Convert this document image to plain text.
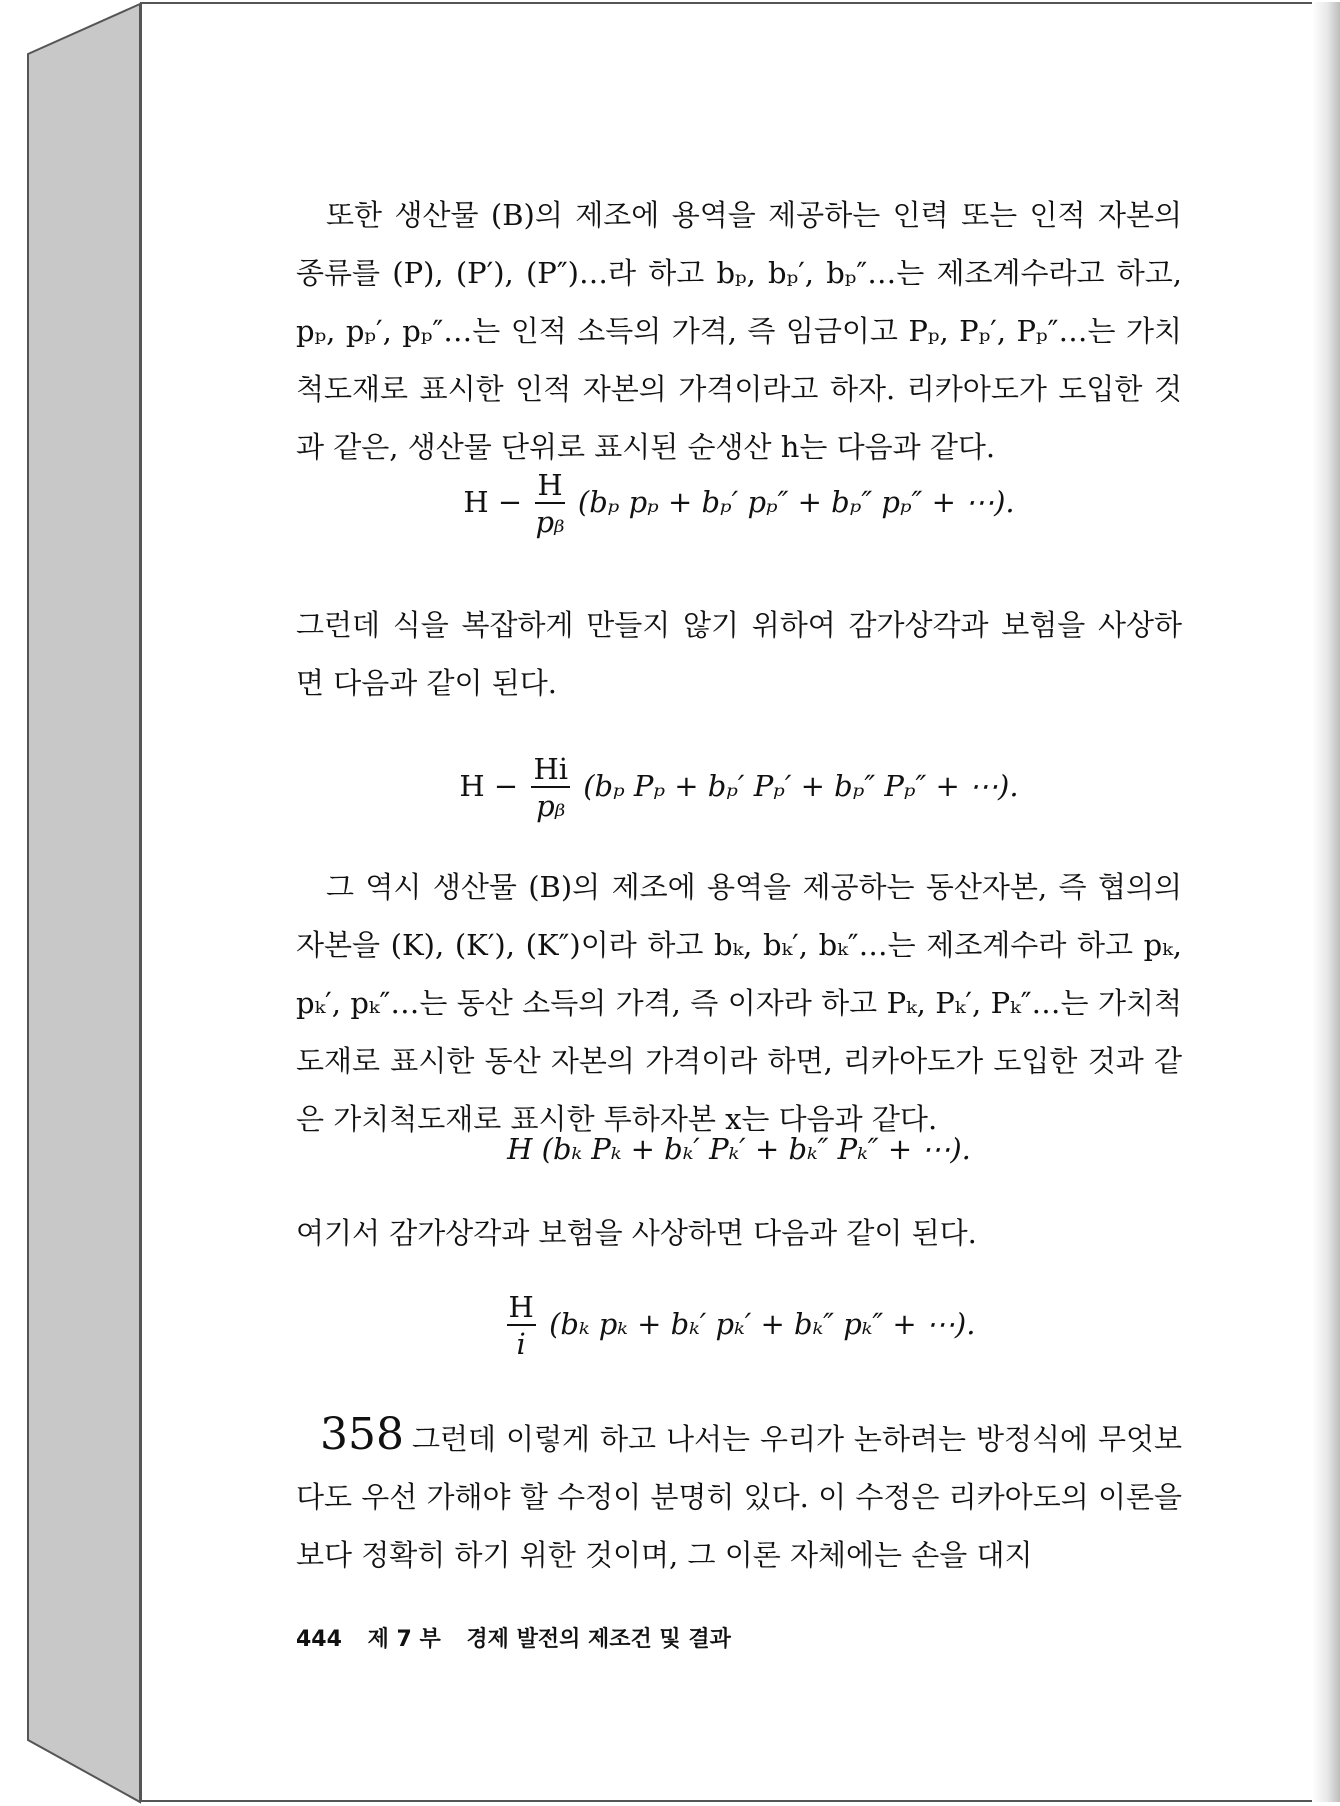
또한 생산물 (B)의 제조에 용역을 제공하는 인력 또는 인적 자본의 종류를 (P), (P′), (P″)…라 하고 bₚ, bₚ′, bₚ″…는 제조계수라고 하고, pₚ, pₚ′, pₚ″…는 인적 소득의 가격, 즉 임금이고 Pₚ, Pₚ′, Pₚ″…는 가치척도재로 표시한 인적 자본의 가격이라고 하자. 리카아도가 도입한 것과 같은, 생산물 단위로 표시된 순생산 h는 다음과 같다.

$H - \frac{H}{\text{pᵦ}} (b_p$ pₚ + bₚ′ pₚ″ + bₚ″ pₚ″ + ⋯).

그런데 식을 복잡하게 만들지 않기 위하여 감가상각과 보험을 사상하면 다음과 같이 된다.

$H - \frac{Hi}{\text{pᵦ}} (b_p$ Pₚ + bₚ′ Pₚ′ + bₚ″ Pₚ″ + ⋯).

그 역시 생산물 (B)의 제조에 용역을 제공하는 동산자본, 즉 협의의 자본을 (K), (K′), (K″)이라 하고 bₖ, bₖ′, bₖ″…는 제조계수라 하고 pₖ, pₖ′, pₖ″…는 동산 소득의 가격, 즉 이자라 하고 Pₖ, Pₖ′, Pₖ″…는 가치척도재로 표시한 동산 자본의 가격이라 하면, 리카아도가 도입한 것과 같은 가치척도재로 표시한 투하자본 x는 다음과 같다.

H (bₖ Pₖ + bₖ′ Pₖ′ + bₖ″ Pₖ″ + ⋯).

여기서 감가상각과 보험을 사상하면 다음과 같이 된다.

$\frac{H}{i} (b_k$ pₖ + bₖ′ pₖ′ + bₖ″ pₖ″ + ⋯).

358 그런데 이렇게 하고 나서는 우리가 논하려는 방정식에 무엇보다도 우선 가해야 할 수정이 분명히 있다. 이 수정은 리카아도의 이론을 보다 정확히 하기 위한 것이며, 그 이론 자체에는 손을 대지

444 제 7 부 경제 발전의 제조건 및 결과
